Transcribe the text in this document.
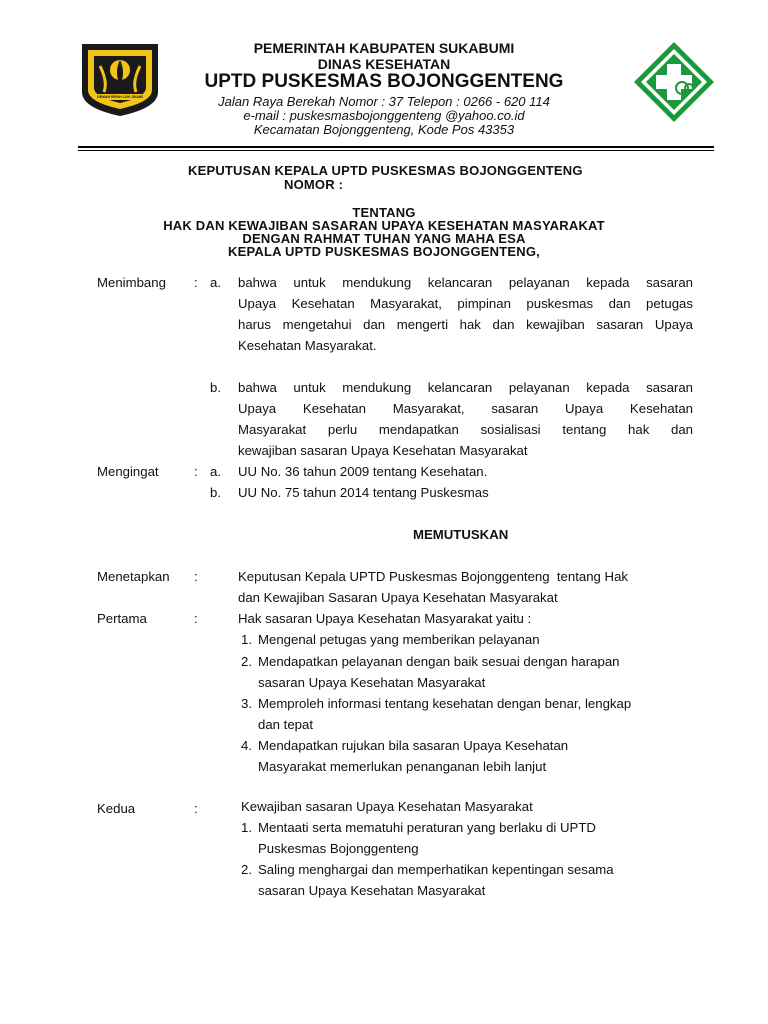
GEMAH RIPAH LOH JINAWI
PEMERINTAH KABUPATEN SUKABUMI
DINAS KESEHATAN
UPTD PUSKESMAS BOJONGGENTENG
Jalan Raya Berekah Nomor : 37 Telepon : 0266 - 620 114
e-mail : puskesmasbojonggenteng @yahoo.co.id
Kecamatan Bojonggenteng, Kode Pos 43353
KEPUTUSAN KEPALA UPTD PUSKESMAS BOJONGGENTENG
NOMOR :
TENTANG
HAK DAN KEWAJIBAN SASARAN UPAYA KESEHATAN MASYARAKAT
DENGAN RAHMAT TUHAN YANG MAHA ESA
KEPALA UPTD PUSKESMAS BOJONGGENTENG,
Menimbang : a. bahwa untuk mendukung kelancaran pelayanan kepada sasaran
Upaya Kesehatan Masyarakat, pimpinan puskesmas dan petugas
harus mengetahui dan mengerti hak dan kewajiban sasaran Upaya
Kesehatan Masyarakat.
b. bahwa untuk mendukung kelancaran pelayanan kepada sasaran
Upaya Kesehatan Masyarakat, sasaran Upaya Kesehatan
Masyarakat perlu mendapatkan sosialisasi tentang hak dan
kewajiban sasaran Upaya Kesehatan Masyarakat
Mengingat	: a. UU No. 36 tahun 2009 tentang Kesehatan.
b. UU No. 75 tahun 2014 tentang Puskesmas
MEMUTUSKAN
Menetapkan :	Keputusan Kepala UPTD Puskesmas Bojonggenteng  tentang Hak
dan Kewajiban Sasaran Upaya Kesehatan Masyarakat
Pertama	:	Hak sasaran Upaya Kesehatan Masyarakat yaitu :
1. Mengenal petugas yang memberikan pelayanan
2. Mendapatkan pelayanan dengan baik sesuai dengan harapan
sasaran Upaya Kesehatan Masyarakat
3. Memproleh informasi tentang kesehatan dengan benar, lengkap
dan tepat
4. Mendapatkan rujukan bila sasaran Upaya Kesehatan
Masyarakat memerlukan penanganan lebih lanjut
Kedua	:	Kewajiban sasaran Upaya Kesehatan Masyarakat
1. Mentaati serta mematuhi peraturan yang berlaku di UPTD
Puskesmas Bojonggenteng
2. Saling menghargai dan memperhatikan kepentingan sesama
sasaran Upaya Kesehatan Masyarakat
